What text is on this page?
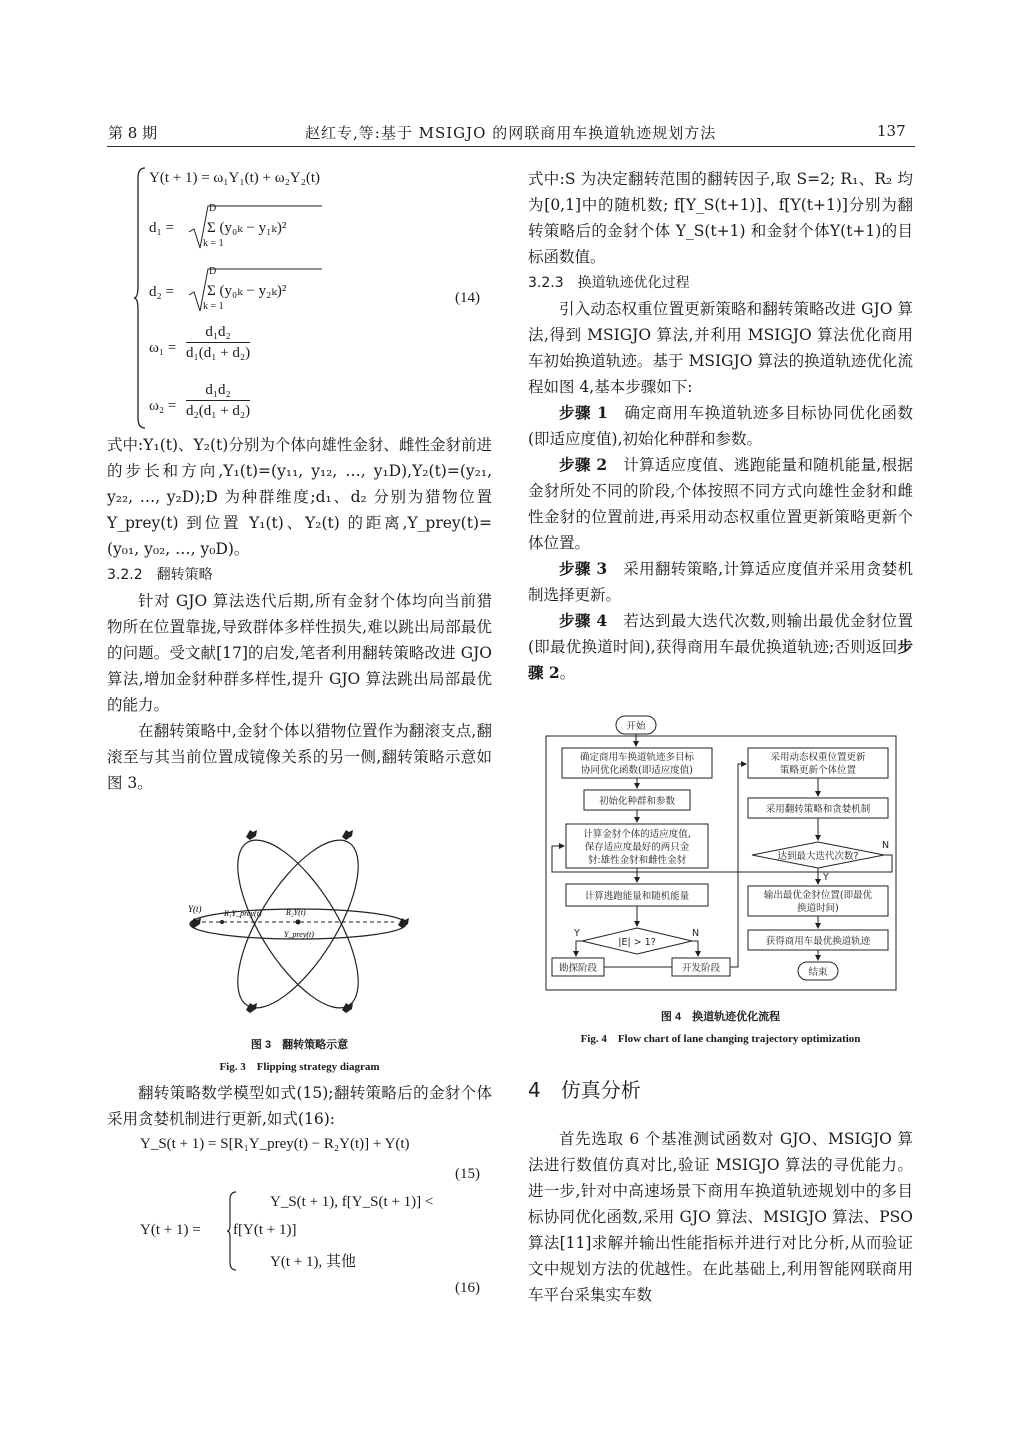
第 8 期	赵红专,等:基于 MSIGJO 的网联商用车换道轨迹规划方法	137
Y(t + 1) = ω₁Y₁(t) + ω₂Y₂(t)
d₁ =
D
k = 1
Σ (y₀ₖ − y₁ₖ)²
d₂ =
D
k = 1
Σ (y₀ₖ − y₂ₖ)²	(14)
$\omega_1 = \frac{\text{d₁d₂}}{\text{d₁(d₁ + d₂)}}$
$\omega_2 = \frac{\text{d₁d₂}}{\text{d₂(d₁ + d₂)}}$

式中:Y₁(t)、Y₂(t)分别为个体向雄性金豺、雌性金豺前进的步长和方向,Y₁(t)=(y₁₁, y₁₂, …, y₁D),Y₂(t)=(y₂₁, y₂₂, …, y₂D);D 为种群维度;d₁、d₂ 分别为猎物位置 Y_prey(t) 到位置 Y₁(t)、Y₂(t) 的距离,Y_prey(t)=(y₀₁, y₀₂, …, y₀D)。

3.2.2　翻转策略

针对 GJO 算法迭代后期,所有金豺个体均向当前猎物所在位置靠拢,导致群体多样性损失,难以跳出局部最优的问题。受文献[17]的启发,笔者利用翻转策略改进 GJO 算法,增加金豺种群多样性,提升 GJO 算法跳出局部最优的能力。

在翻转策略中,金豺个体以猎物位置作为翻滚支点,翻滚至与其当前位置成镜像关系的另一侧,翻转策略示意如图 3。

Y(t)	R₁Y_prey(t)	R₂Y(t)
Y_prey(t)
图 3　翻转策略示意
Fig. 3　Flipping strategy diagram

翻转策略数学模型如式(15);翻转策略后的金豺个体采用贪婪机制进行更新,如式(16):

Y_S(t + 1) = S[R₁Y_prey(t) − R₂Y(t)] + Y(t)
(15)
Y(t + 1) =
Y_S(t + 1), f[Y_S(t + 1)] <
f[Y(t + 1)]
Y(t + 1), 其他
(16)

式中:S 为决定翻转范围的翻转因子,取 S=2; R₁、R₂ 均为[0,1]中的随机数; f[Y_S(t+1)]、f[Y(t+1)]分别为翻转策略后的金豺个体 Y_S(t+1) 和金豺个体Y(t+1)的目标函数值。

3.2.3　换道轨迹优化过程

引入动态权重位置更新策略和翻转策略改进 GJO 算法,得到 MSIGJO 算法,并利用 MSIGJO 算法优化商用车初始换道轨迹。基于 MSIGJO 算法的换道轨迹优化流程如图 4,基本步骤如下:

步骤 1　 确定商用车换道轨迹多目标协同优化函数(即适应度值),初始化种群和参数。

步骤 2　 计算适应度值、逃跑能量和随机能量,根据金豺所处不同的阶段,个体按照不同方式向雄性金豺和雌性金豺的位置前进,再采用动态权重位置更新策略更新个体位置。

步骤 3　 采用翻转策略,计算适应度值并采用贪婪机制选择更新。

步骤 4　 若达到最大迭代次数,则输出最优金豺位置(即最优换道时间),获得商用车最优换道轨迹;否则返回步骤 2。

开始
确定商用车换道轨迹多目标
协同优化函数(即适应度值)
初始化种群和参数
计算金豺个体的适应度值,
保存适应度最好的两只金
豺:雄性金豺和雌性金豺
计算逃跑能量和随机能量
|E| > 1?
Y	N
勘探阶段	开发阶段
采用动态权重位置更新
策略更新个体位置
采用翻转策略和贪婪机制
达到最大迭代次数?
N
Y
输出最优金豺位置(即最优
换道时间)
获得商用车最优换道轨迹
结束
图 4　换道轨迹优化流程
Fig. 4　Flow chart of lane changing trajectory optimization
4　仿真分析

首先选取 6 个基准测试函数对 GJO、MSIGJO 算法进行数值仿真对比,验证 MSIGJO 算法的寻优能力。进一步,针对中高速场景下商用车换道轨迹规划中的多目标协同优化函数,采用 GJO 算法、MSIGJO 算法、PSO 算法[11]求解并输出性能指标并进行对比分析,从而验证文中规划方法的优越性。在此基础上,利用智能网联商用车平台采集实车数
